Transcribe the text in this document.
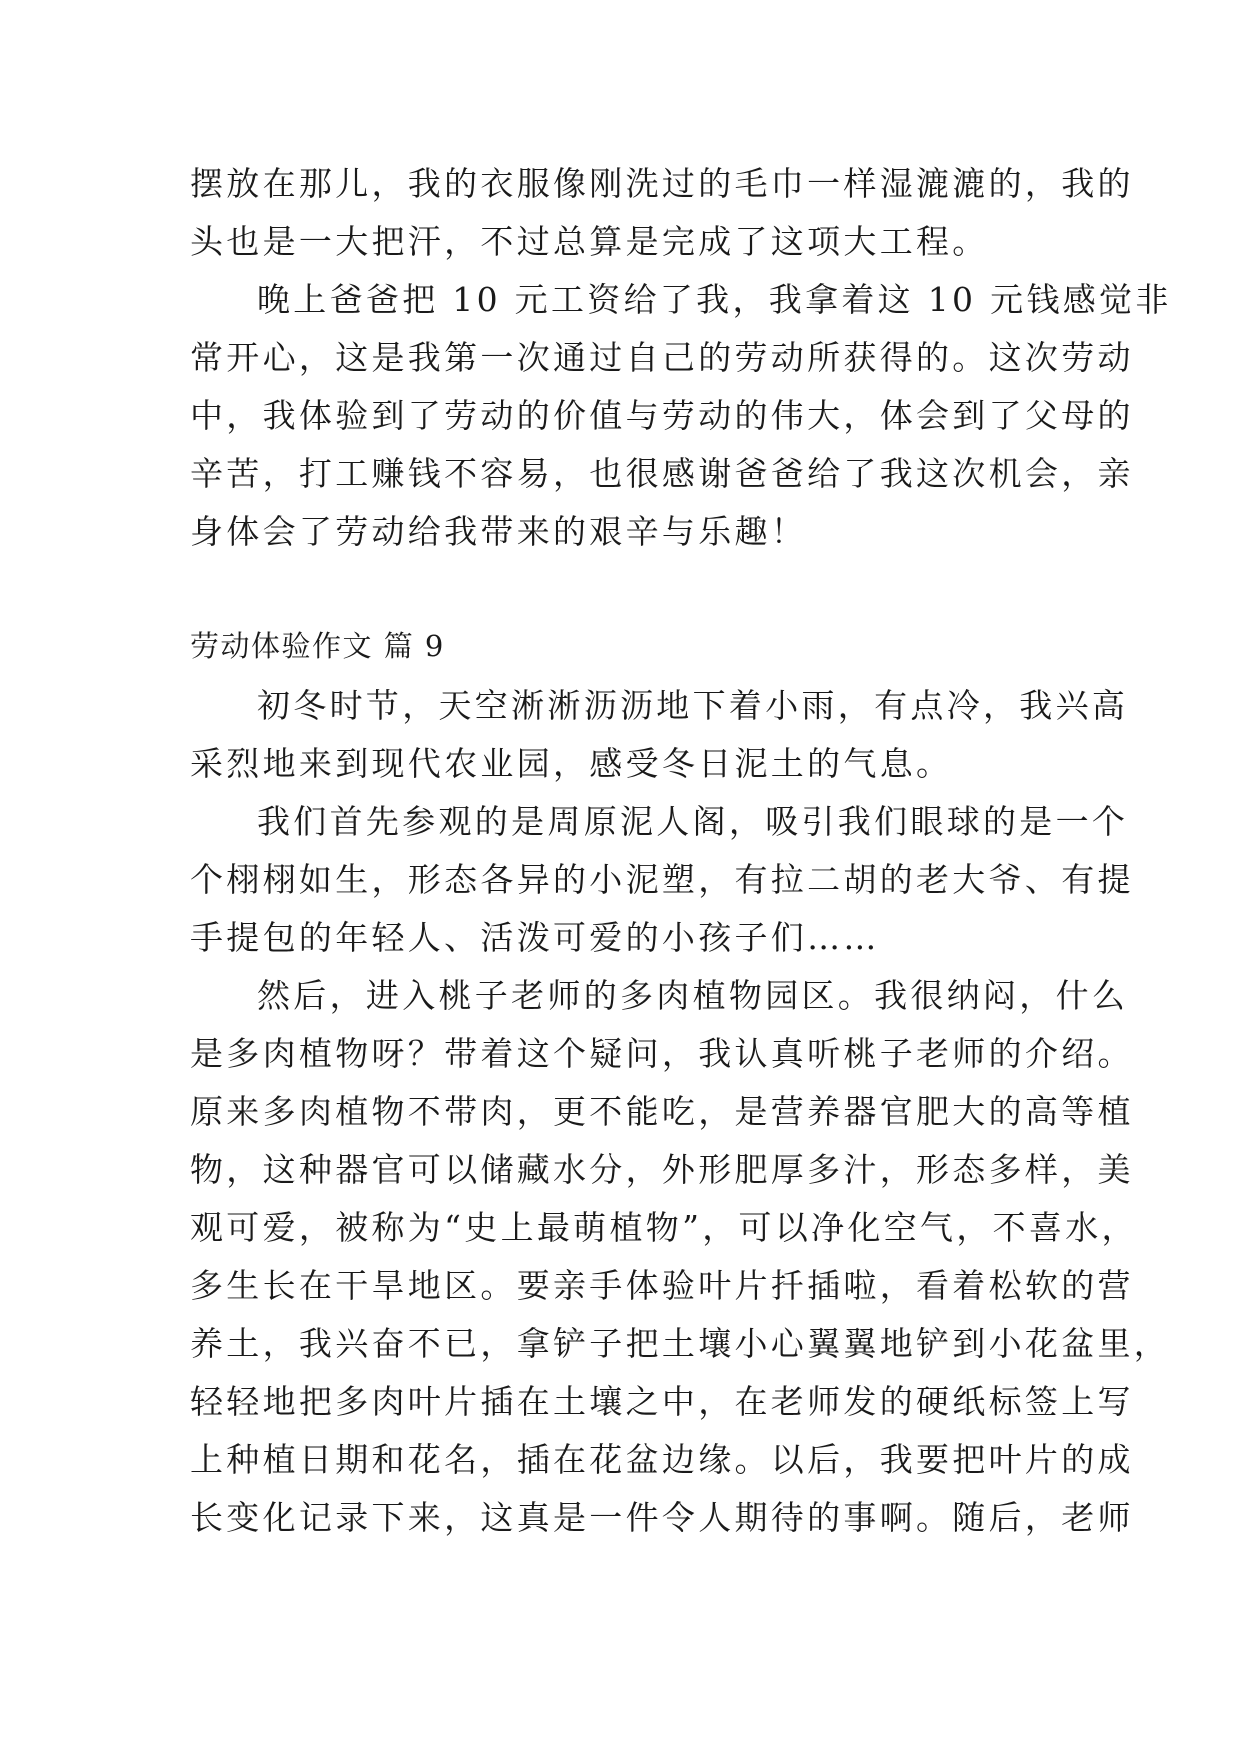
摆放在那儿，我的衣服像刚洗过的毛巾一样湿漉漉的，我的
头也是一大把汗，不过总算是完成了这项大工程。
晚上爸爸把 10 元工资给了我，我拿着这 10 元钱感觉非
常开心，这是我第一次通过自己的劳动所获得的。这次劳动
中，我体验到了劳动的价值与劳动的伟大，体会到了父母的
辛苦，打工赚钱不容易，也很感谢爸爸给了我这次机会，亲
身体会了劳动给我带来的艰辛与乐趣！
劳动体验作文 篇 9
初冬时节，天空淅淅沥沥地下着小雨，有点冷，我兴高
采烈地来到现代农业园，感受冬日泥土的气息。
我们首先参观的是周原泥人阁，吸引我们眼球的是一个
个栩栩如生，形态各异的小泥塑，有拉二胡的老大爷、有提
手提包的年轻人、活泼可爱的小孩子们……
然后，进入桃子老师的多肉植物园区。我很纳闷，什么
是多肉植物呀？带着这个疑问，我认真听桃子老师的介绍。
原来多肉植物不带肉，更不能吃，是营养器官肥大的高等植
物，这种器官可以储藏水分，外形肥厚多汁，形态多样，美
观可爱，被称为“史上最萌植物”，可以净化空气，不喜水，
多生长在干旱地区。要亲手体验叶片扦插啦，看着松软的营
养土，我兴奋不已，拿铲子把土壤小心翼翼地铲到小花盆里，
轻轻地把多肉叶片插在土壤之中，在老师发的硬纸标签上写
上种植日期和花名，插在花盆边缘。以后，我要把叶片的成
长变化记录下来，这真是一件令人期待的事啊。随后，老师
